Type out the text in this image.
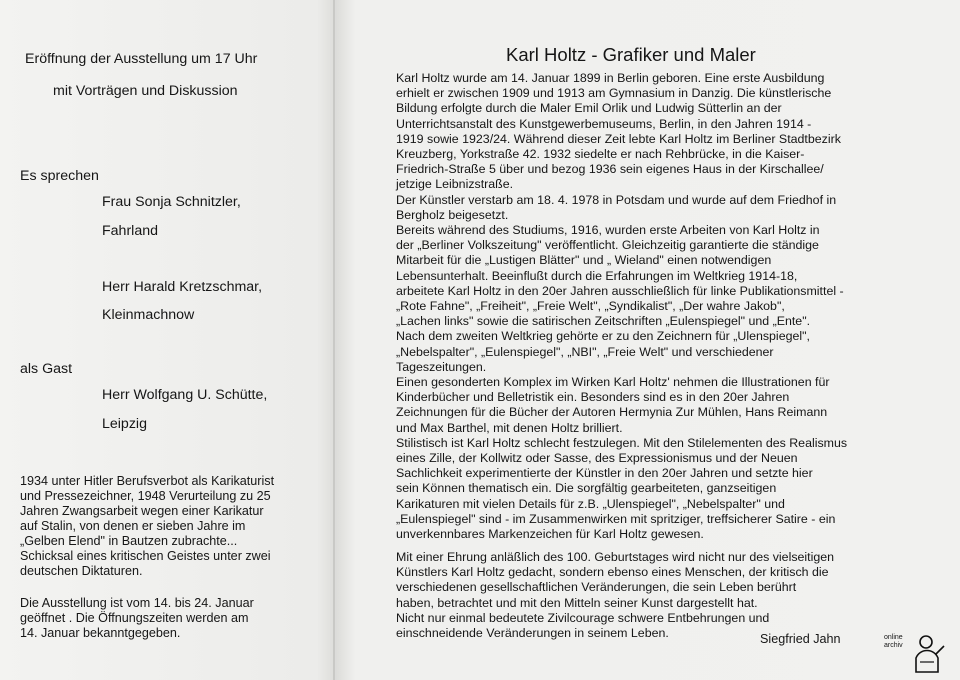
Eröffnung der Ausstellung um 17 Uhr
mit Vorträgen und Diskussion
Es sprechen
Frau Sonja Schnitzler,
Fahrland
Herr Harald Kretzschmar,
Kleinmachnow
als Gast
Herr Wolfgang U. Schütte,
Leipzig
1934 unter Hitler Berufsverbot als Karikaturist
und Pressezeichner, 1948 Verurteilung zu 25
Jahren Zwangsarbeit wegen einer Karikatur
auf Stalin, von denen er sieben Jahre im
„Gelben Elend" in Bautzen zubrachte...
Schicksal eines kritischen Geistes unter zwei
deutschen Diktaturen.
Die Ausstellung ist vom 14. bis 24. Januar
geöffnet . Die Öffnungszeiten werden am
14. Januar bekanntgegeben.
Karl Holtz - Grafiker und Maler
Karl Holtz wurde am 14. Januar 1899 in Berlin geboren. Eine erste Ausbildung
erhielt er zwischen 1909 und 1913 am Gymnasium in Danzig. Die künstlerische
Bildung erfolgte durch die Maler Emil Orlik und Ludwig Sütterlin an der
Unterrichtsanstalt des Kunstgewerbemuseums, Berlin, in den Jahren 1914 -
1919 sowie 1923/24. Während dieser Zeit lebte Karl Holtz im Berliner Stadtbezirk
Kreuzberg, Yorkstraße 42. 1932 siedelte er nach Rehbrücke, in die Kaiser-
Friedrich-Straße 5 über und bezog 1936 sein eigenes Haus in der Kirschallee/
jetzige Leibnizstraße.
Der Künstler verstarb am 18. 4. 1978 in Potsdam und wurde auf dem Friedhof in
Bergholz beigesetzt.
Bereits während des Studiums, 1916, wurden erste Arbeiten von Karl Holtz in
der „Berliner Volkszeitung" veröffentlicht. Gleichzeitig garantierte die ständige
Mitarbeit für die „Lustigen Blätter" und „ Wieland" einen notwendigen
Lebensunterhalt. Beeinflußt durch die Erfahrungen im Weltkrieg 1914-18,
arbeitete Karl Holtz in den 20er Jahren ausschließlich für linke Publikationsmittel -
„Rote Fahne", „Freiheit", „Freie Welt", „Syndikalist", „Der wahre Jakob",
„Lachen links" sowie die satirischen Zeitschriften „Eulenspiegel" und „Ente".
Nach dem zweiten Weltkrieg gehörte er zu den Zeichnern für „Ulenspiegel",
„Nebelspalter", „Eulenspiegel", „NBI", „Freie Welt" und verschiedener
Tageszeitungen.
Einen gesonderten Komplex im Wirken Karl Holtz' nehmen die Illustrationen für
Kinderbücher und Belletristik ein. Besonders sind es in den 20er Jahren
Zeichnungen für die Bücher der Autoren Hermynia Zur Mühlen, Hans Reimann
und Max Barthel, mit denen Holtz brilliert.
Stilistisch ist Karl Holtz schlecht festzulegen. Mit den Stilelementen des Realismus
eines Zille, der Kollwitz oder Sasse, des Expressionismus und der Neuen
Sachlichkeit experimentierte der Künstler in den 20er Jahren und setzte hier
sein Können thematisch ein. Die sorgfältig gearbeiteten, ganzseitigen
Karikaturen mit vielen Details für z.B. „Ulenspiegel", „Nebelspalter" und
„Eulenspiegel" sind - im Zusammenwirken mit spritziger, treffsicherer Satire - ein
unverkennbares Markenzeichen für Karl Holtz gewesen.
Mit einer Ehrung anläßlich des 100. Geburtstages wird nicht nur des vielseitigen
Künstlers Karl Holtz gedacht, sondern ebenso eines Menschen, der kritisch die
verschiedenen gesellschaftlichen Veränderungen, die sein Leben berührt
haben, betrachtet und mit den Mitteln seiner Kunst dargestellt hat.
Nicht nur einmal bedeutete Zivilcourage schwere Entbehrungen und
einschneidende Veränderungen in seinem Leben.	Siegfried Jahn	online
archiv
